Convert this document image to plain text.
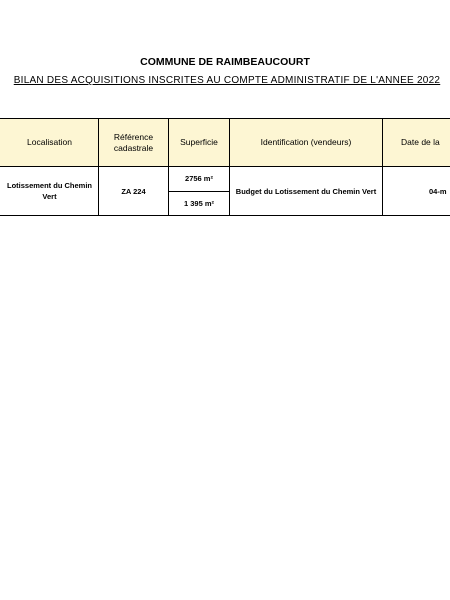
COMMUNE DE RAIMBEAUCOURT
BILAN DES ACQUISITIONS INSCRITES AU COMPTE ADMINISTRATIF DE L'ANNEE 2022
Localisation	Référence cadastrale	Superficie	Identification (vendeurs)	Date de la
Lotissement du Chemin Vert	ZA 224	2756 m²	Budget du Lotissement du Chemin Vert	04-m
		1 395 m²		
